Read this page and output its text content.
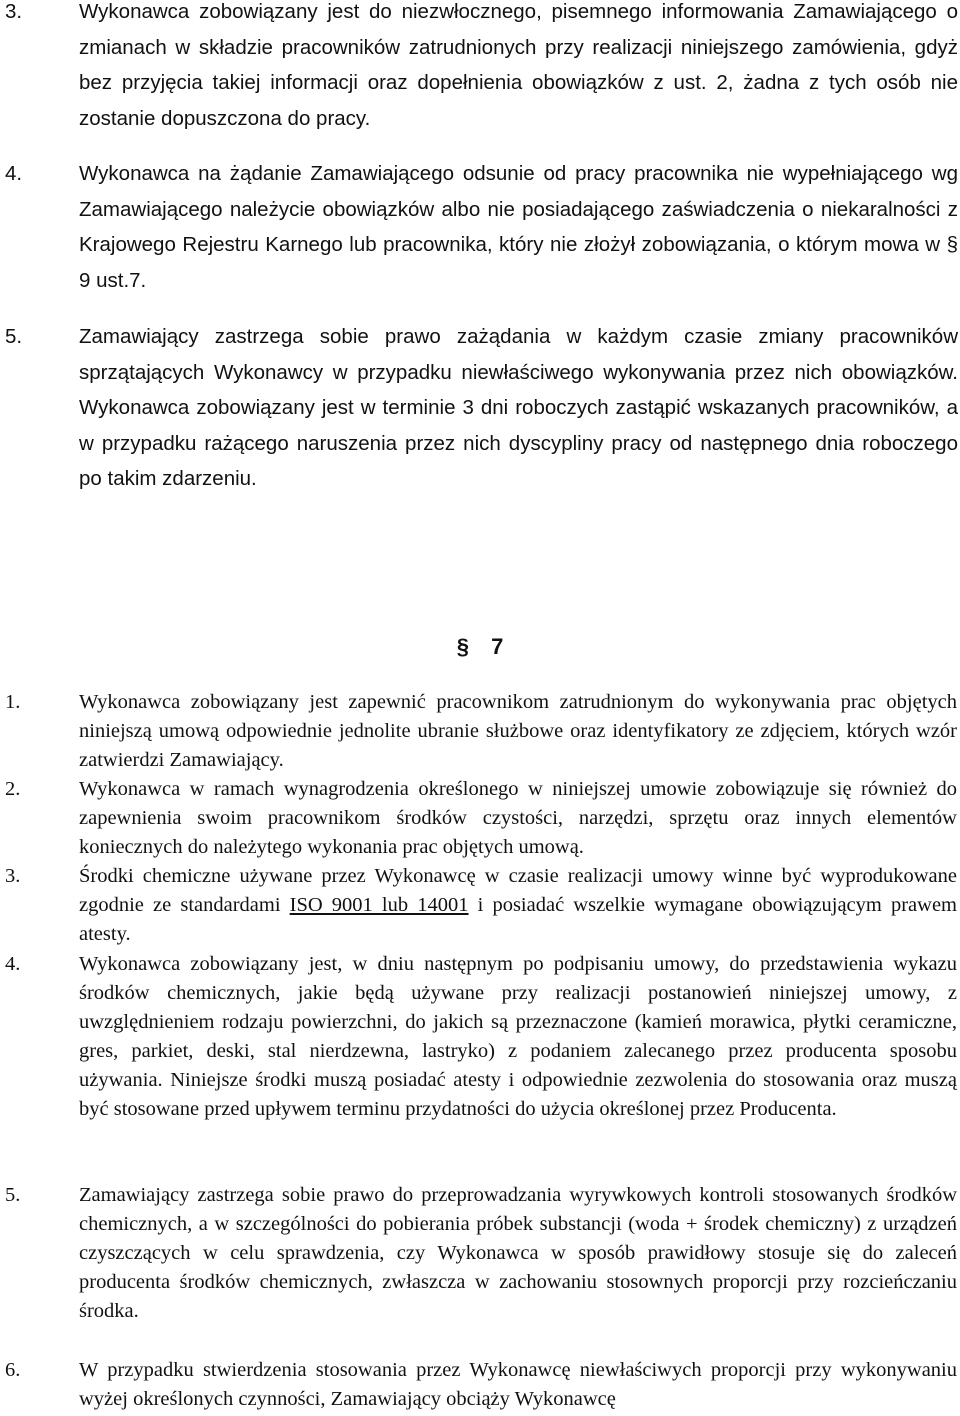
3.	Wykonawca zobowiązany jest do niezwłocznego, pisemnego informowania Zamawiającego o zmianach w składzie pracowników zatrudnionych przy realizacji niniejszego zamówienia, gdyż bez przyjęcia takiej informacji oraz dopełnienia obowiązków z ust. 2, żadna z tych osób nie zostanie dopuszczona do pracy.
4.	Wykonawca na żądanie Zamawiającego odsunie od pracy pracownika nie wypełniającego wg Zamawiającego należycie obowiązków albo nie posiadającego zaświadczenia o niekaralności z Krajowego Rejestru Karnego lub pracownika, który nie złożył zobowiązania, o którym mowa w § 9 ust.7.
5.	Zamawiający zastrzega sobie prawo zażądania w każdym czasie zmiany pracowników sprzątających Wykonawcy w przypadku niewłaściwego wykonywania przez nich obowiązków. Wykonawca zobowiązany jest w terminie 3 dni roboczych zastąpić wskazanych pracowników, a w przypadku rażącego naruszenia przez nich dyscypliny pracy od następnego dnia roboczego po takim zdarzeniu.
§ 7
1.	Wykonawca zobowiązany jest zapewnić pracownikom zatrudnionym do wykonywania prac objętych niniejszą umową odpowiednie jednolite ubranie służbowe oraz identyfikatory ze zdjęciem, których wzór zatwierdzi Zamawiający.
2.	Wykonawca w ramach wynagrodzenia określonego w niniejszej umowie zobowiązuje się również do zapewnienia swoim pracownikom środków czystości, narzędzi, sprzętu oraz innych elementów koniecznych do należytego wykonania prac objętych umową.
3.	Środki chemiczne używane przez Wykonawcę w czasie realizacji umowy winne być wyprodukowane zgodnie ze standardami ISO 9001 lub 14001 i posiadać wszelkie wymagane obowiązującym prawem atesty.
4.	Wykonawca zobowiązany jest, w dniu następnym po podpisaniu umowy, do przedstawienia wykazu środków chemicznych, jakie będą używane przy realizacji postanowień niniejszej umowy, z uwzględnieniem rodzaju powierzchni, do jakich są przeznaczone (kamień morawica, płytki ceramiczne, gres, parkiet, deski, stal nierdzewna, lastryko) z podaniem zalecanego przez producenta sposobu używania. Niniejsze środki muszą posiadać atesty i odpowiednie zezwolenia do stosowania oraz muszą być stosowane przed upływem terminu przydatności do użycia określonej przez Producenta.
5.	Zamawiający zastrzega sobie prawo do przeprowadzania wyrywkowych kontroli stosowanych środków chemicznych, a w szczególności do pobierania próbek substancji (woda + środek chemiczny) z urządzeń czyszczących w celu sprawdzenia, czy Wykonawca w sposób prawidłowy stosuje się do zaleceń producenta środków chemicznych, zwłaszcza w zachowaniu stosownych proporcji przy rozcieńczaniu środka.
6.	W przypadku stwierdzenia stosowania przez Wykonawcę niewłaściwych proporcji przy wykonywaniu wyżej określonych czynności, Zamawiający obciąży Wykonawcę
